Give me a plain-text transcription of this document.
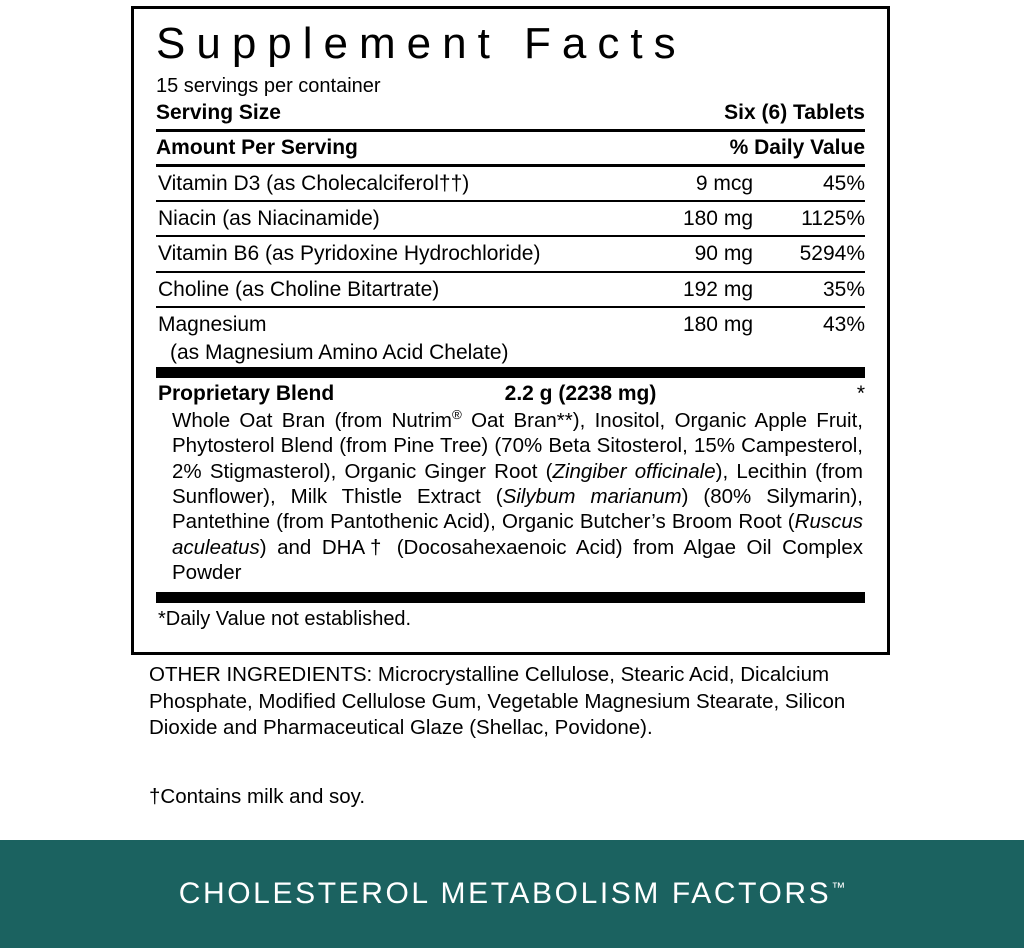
Supplement Facts
15 servings per container
Serving Size	Six (6) Tablets
Amount Per Serving	% Daily Value
Vitamin D3 (as Cholecalciferol††)	9 mcg	45%
Niacin (as Niacinamide)	180 mg	1125%
Vitamin B6 (as Pyridoxine Hydrochloride)	90 mg	5294%
Choline (as Choline Bitartrate)	192 mg	35%
Magnesium	180 mg	43%
(as Magnesium Amino Acid Chelate)
Proprietary Blend	2.2 g (2238 mg)	*
Whole Oat Bran (from Nutrim® Oat Bran**), Inositol, Organic Apple Fruit, Phytosterol Blend (from Pine Tree) (70% Beta Sitosterol, 15% Campesterol, 2% Stigmasterol), Organic Ginger Root (Zingiber officinale), Lecithin (from Sunflower), Milk Thistle Extract (Silybum marianum) (80% Silymarin), Pantethine (from Pantothenic Acid), Organic Butcher’s Broom Root (Ruscus aculeatus) and DHA† (Docosahexaenoic Acid) from Algae Oil Complex Powder
*Daily Value not established.
OTHER INGREDIENTS: Microcrystalline Cellulose, Stearic Acid, Dicalcium Phosphate, Modified Cellulose Gum, Vegetable Magnesium Stearate, Silicon Dioxide and Pharmaceutical Glaze (Shellac, Povidone).
†Contains milk and soy.
CHOLESTEROL METABOLISM FACTORS™
